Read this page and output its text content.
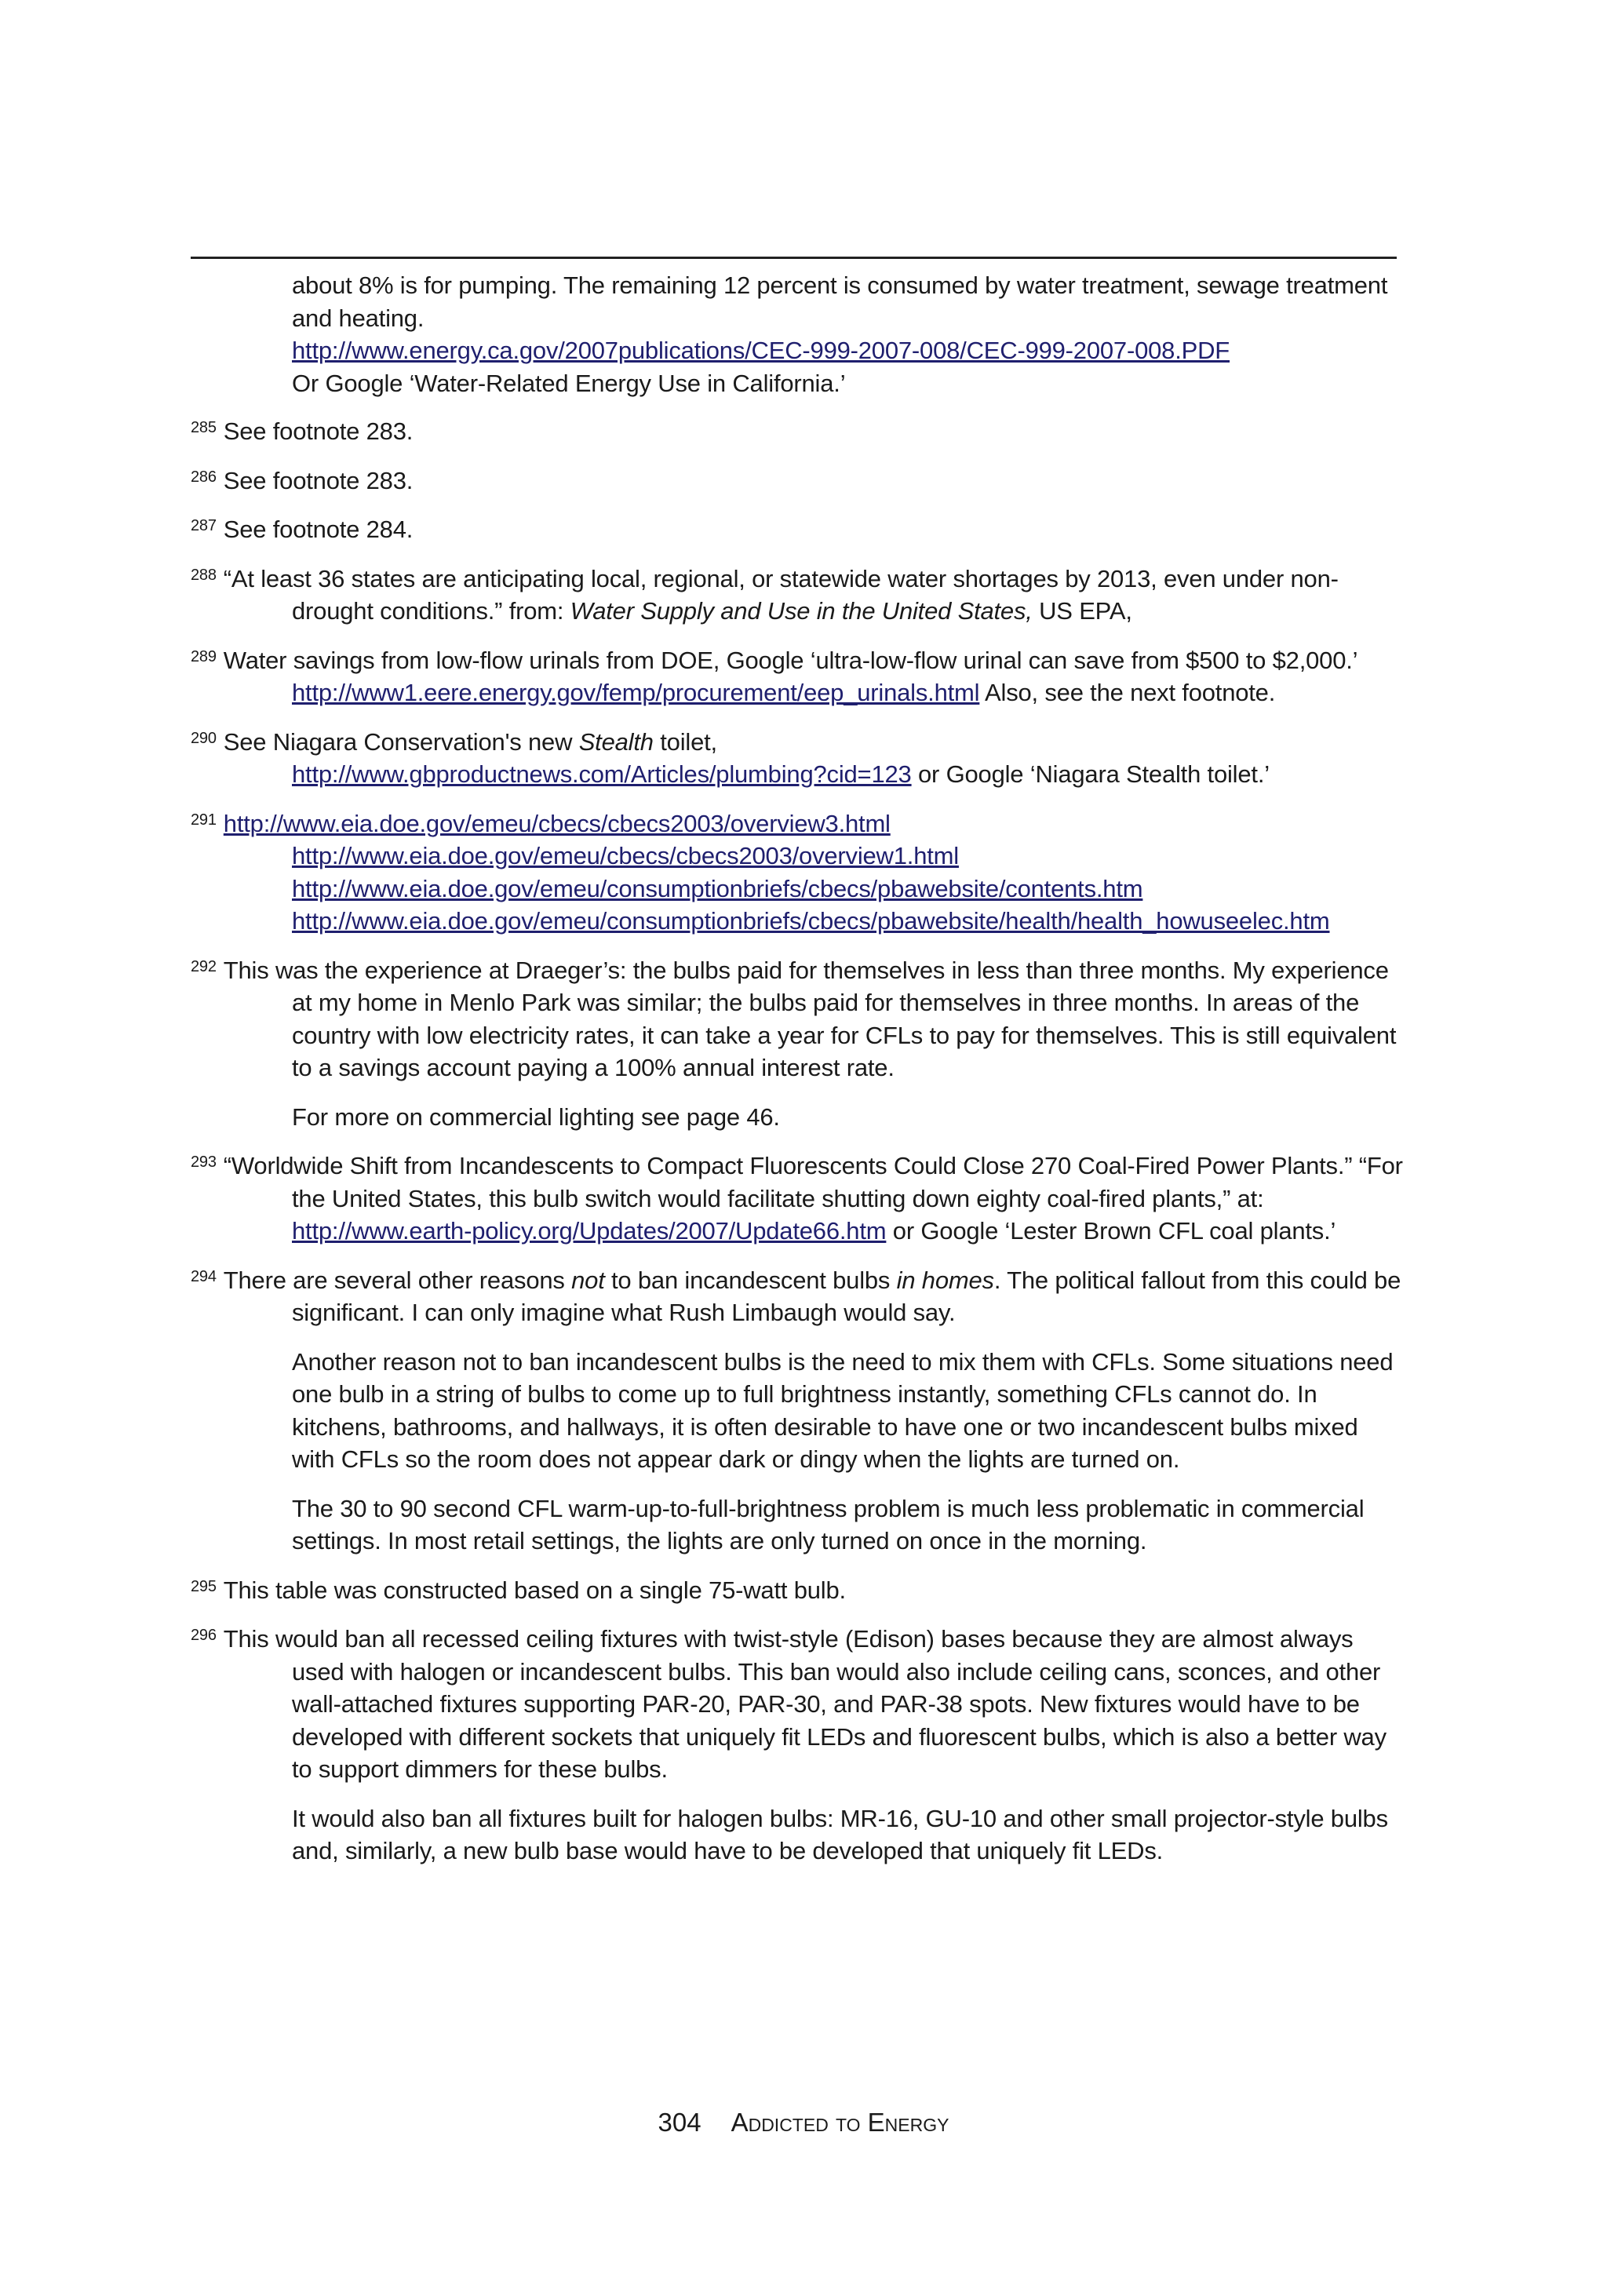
about 8% is for pumping. The remaining 12 percent is consumed by water treatment, sewage treatment and heating.

http://www.energy.ca.gov/2007publications/CEC-999-2007-008/CEC-999-2007-008.PDF

Or Google ‘Water-Related Energy Use in California.’

$^{285}$ See footnote 283.
$^{286}$ See footnote 283.
$^{287}$ See footnote 284.
$^{288}$ “At least 36 states are anticipating local, regional, or statewide water shortages by 2013, even under non-drought conditions.” from: Water Supply and Use in the United States, US EPA,
$^{289}$ Water savings from low-flow urinals from DOE, Google ‘ultra-low-flow urinal can save from $500 to $2,000.’ http://www1.eere.energy.gov/femp/procurement/eep_urinals.html Also, see the next footnote.
$^{290}$ See Niagara Conservation's new Stealth toilet,
http://www.gbproductnews.com/Articles/plumbing?cid=123 or Google ‘Niagara Stealth toilet.’
$^{291}$ http://www.eia.doe.gov/emeu/cbecs/cbecs2003/overview3.html
http://www.eia.doe.gov/emeu/cbecs/cbecs2003/overview1.html
http://www.eia.doe.gov/emeu/consumptionbriefs/cbecs/pbawebsite/contents.htm
http://www.eia.doe.gov/emeu/consumptionbriefs/cbecs/pbawebsite/health/health_howuseelec.htm
$^{292}$ This was the experience at Draeger’s: the bulbs paid for themselves in less than three months. My experience at my home in Menlo Park was similar; the bulbs paid for themselves in three months. In areas of the country with low electricity rates, it can take a year for CFLs to pay for themselves. This is still equivalent to a savings account paying a 100% annual interest rate.

For more on commercial lighting see page 46.

$^{293}$ “Worldwide Shift from Incandescents to Compact Fluorescents Could Close 270 Coal-Fired Power Plants.” “For the United States, this bulb switch would facilitate shutting down eighty coal-fired plants,” at: http://www.earth-policy.org/Updates/2007/Update66.htm or Google ‘Lester Brown CFL coal plants.’
$^{294}$ There are several other reasons not to ban incandescent bulbs in homes. The political fallout from this could be significant. I can only imagine what Rush Limbaugh would say.

Another reason not to ban incandescent bulbs is the need to mix them with CFLs. Some situations need one bulb in a string of bulbs to come up to full brightness instantly, something CFLs cannot do. In kitchens, bathrooms, and hallways, it is often desirable to have one or two incandescent bulbs mixed with CFLs so the room does not appear dark or dingy when the lights are turned on.

The 30 to 90 second CFL warm-up-to-full-brightness problem is much less problematic in commercial settings. In most retail settings, the lights are only turned on once in the morning.

$^{295}$ This table was constructed based on a single 75-watt bulb.
$^{296}$ This would ban all recessed ceiling fixtures with twist-style (Edison) bases because they are almost always used with halogen or incandescent bulbs. This ban would also include ceiling cans, sconces, and other wall-attached fixtures supporting PAR-20, PAR-30, and PAR-38 spots. New fixtures would have to be developed with different sockets that uniquely fit LEDs and fluorescent bulbs, which is also a better way to support dimmers for these bulbs.

It would also ban all fixtures built for halogen bulbs: MR-16, GU-10 and other small projector-style bulbs and, similarly, a new bulb base would have to be developed that uniquely fit LEDs.

304 Addicted to Energy
